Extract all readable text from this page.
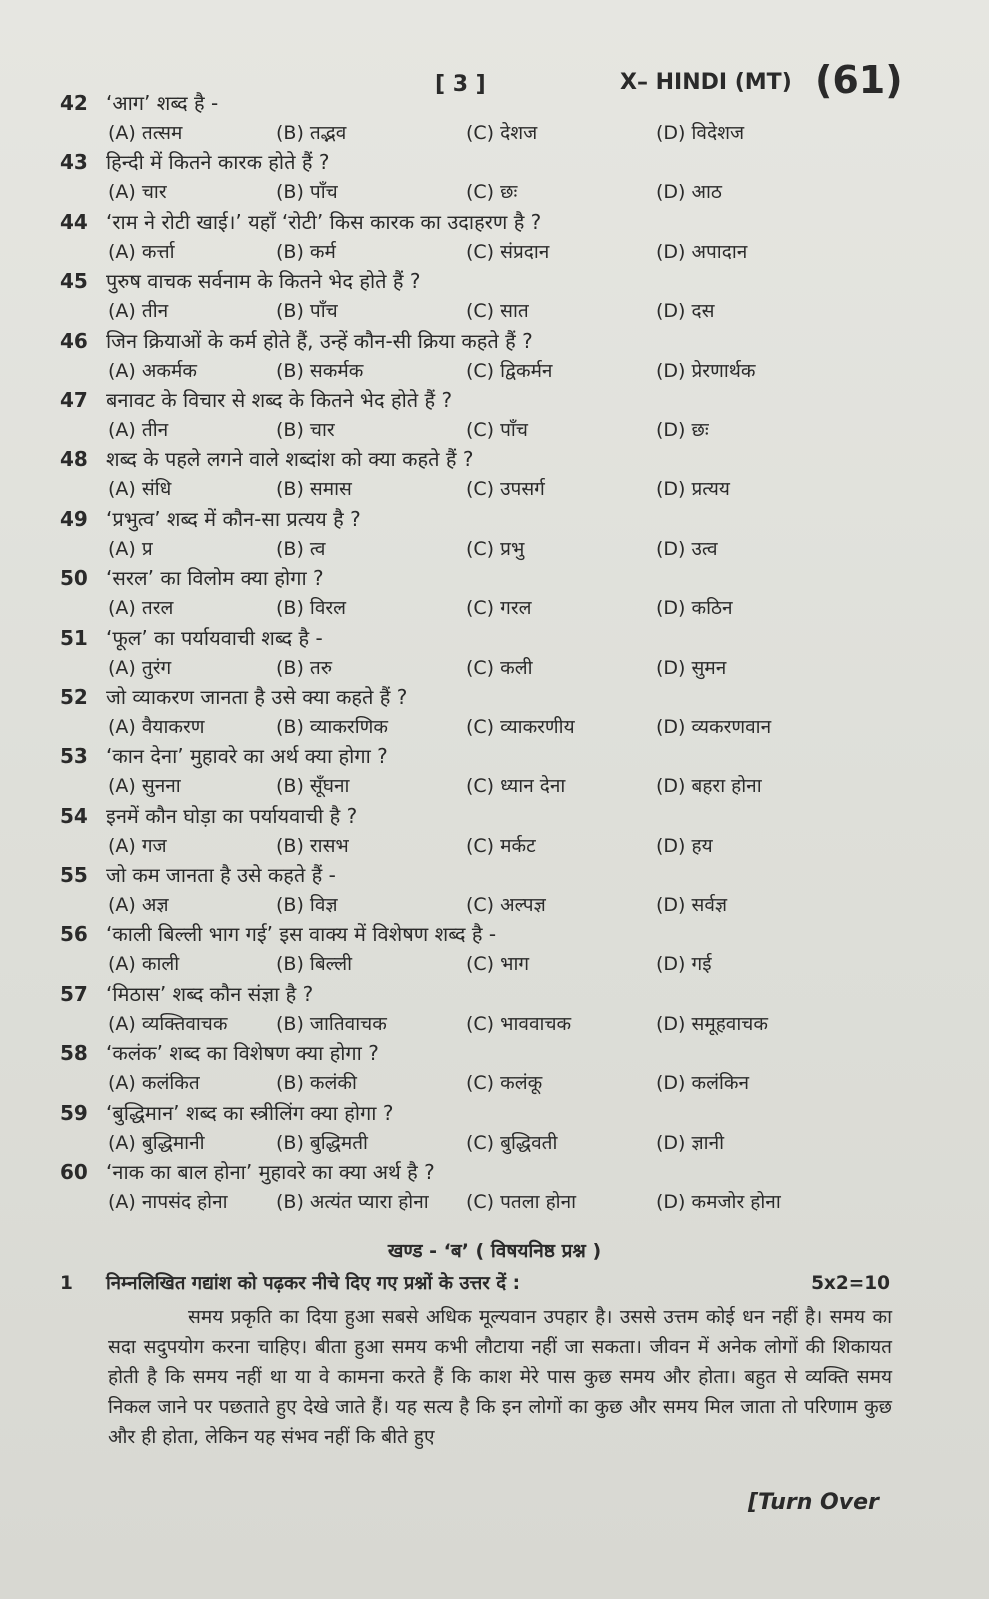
[ 3 ]	X– HINDI (MT) (61)
42 ‘आग’ शब्द है -
(A) तत्सम	(B) तद्भव	(C) देशज	(D) विदेशज
43 हिन्दी में कितने कारक होते हैं ?
(A) चार	(B) पाँच	(C) छः	(D) आठ
44 ‘राम ने रोटी खाई।’ यहाँ ‘रोटी’ किस कारक का उदाहरण है ?
(A) कर्त्ता	(B) कर्म	(C) संप्रदान	(D) अपादान
45 पुरुष वाचक सर्वनाम के कितने भेद होते हैं ?
(A) तीन	(B) पाँच	(C) सात	(D) दस
46 जिन क्रियाओं के कर्म होते हैं, उन्हें कौन-सी क्रिया कहते हैं ?
(A) अकर्मक	(B) सकर्मक	(C) द्विकर्मन	(D) प्रेरणार्थक
47 बनावट के विचार से शब्द के कितने भेद होते हैं ?
(A) तीन	(B) चार	(C) पाँच	(D) छः
48 शब्द के पहले लगने वाले शब्दांश को क्या कहते हैं ?
(A) संधि	(B) समास	(C) उपसर्ग	(D) प्रत्यय
49 ‘प्रभुत्व’ शब्द में कौन-सा प्रत्यय है ?
(A) प्र	(B) त्व	(C) प्रभु	(D) उत्व
50 ‘सरल’ का विलोम क्या होगा ?
(A) तरल	(B) विरल	(C) गरल	(D) कठिन
51 ‘फूल’ का पर्यायवाची शब्द है -
(A) तुरंग	(B) तरु	(C) कली	(D) सुमन
52 जो व्याकरण जानता है उसे क्या कहते हैं ?
(A) वैयाकरण	(B) व्याकरणिक	(C) व्याकरणीय	(D) व्यकरणवान
53 ‘कान देना’ मुहावरे का अर्थ क्या होगा ?
(A) सुनना	(B) सूँघना	(C) ध्यान देना	(D) बहरा होना
54 इनमें कौन घोड़ा का पर्यायवाची है ?
(A) गज	(B) रासभ	(C) मर्कट	(D) हय
55 जो कम जानता है उसे कहते हैं -
(A) अज्ञ	(B) विज्ञ	(C) अल्पज्ञ	(D) सर्वज्ञ
56 ‘काली बिल्ली भाग गई’ इस वाक्य में विशेषण शब्द है -
(A) काली	(B) बिल्ली	(C) भाग	(D) गई
57 ‘मिठास’ शब्द कौन संज्ञा है ?
(A) व्यक्तिवाचक	(B) जातिवाचक	(C) भाववाचक	(D) समूहवाचक
58 ‘कलंक’ शब्द का विशेषण क्या होगा ?
(A) कलंकित	(B) कलंकी	(C) कलंकू	(D) कलंकिन
59 ‘बुद्धिमान’ शब्द का स्त्रीलिंग क्या होगा ?
(A) बुद्धिमानी	(B) बुद्धिमती	(C) बुद्धिवती	(D) ज्ञानी
60 ‘नाक का बाल होना’ मुहावरे का क्या अर्थ है ?
(A) नापसंद होना	(B) अत्यंत प्यारा होना (C) पतला होना	(D) कमजोर होना
खण्ड - ‘ब’ ( विषयनिष्ठ प्रश्न )
1 निम्नलिखित गद्यांश को पढ़कर नीचे दिए गए प्रश्नों के उत्तर दें :	5x2=10
समय प्रकृति का दिया हुआ सबसे अधिक मूल्यवान उपहार है। उससे उत्तम कोई धन नहीं है। समय का सदा सदुपयोग करना चाहिए। बीता हुआ समय कभी लौटाया नहीं जा सकता। जीवन में अनेक लोगों की शिकायत होती है कि समय नहीं था या वे कामना करते हैं कि काश मेरे पास कुछ समय और होता। बहुत से व्यक्ति समय निकल जाने पर पछताते हुए देखे जाते हैं। यह सत्य है कि इन लोगों का कुछ और समय मिल जाता तो परिणाम कुछ और ही होता, लेकिन यह संभव नहीं कि बीते हुए
[Turn Over
